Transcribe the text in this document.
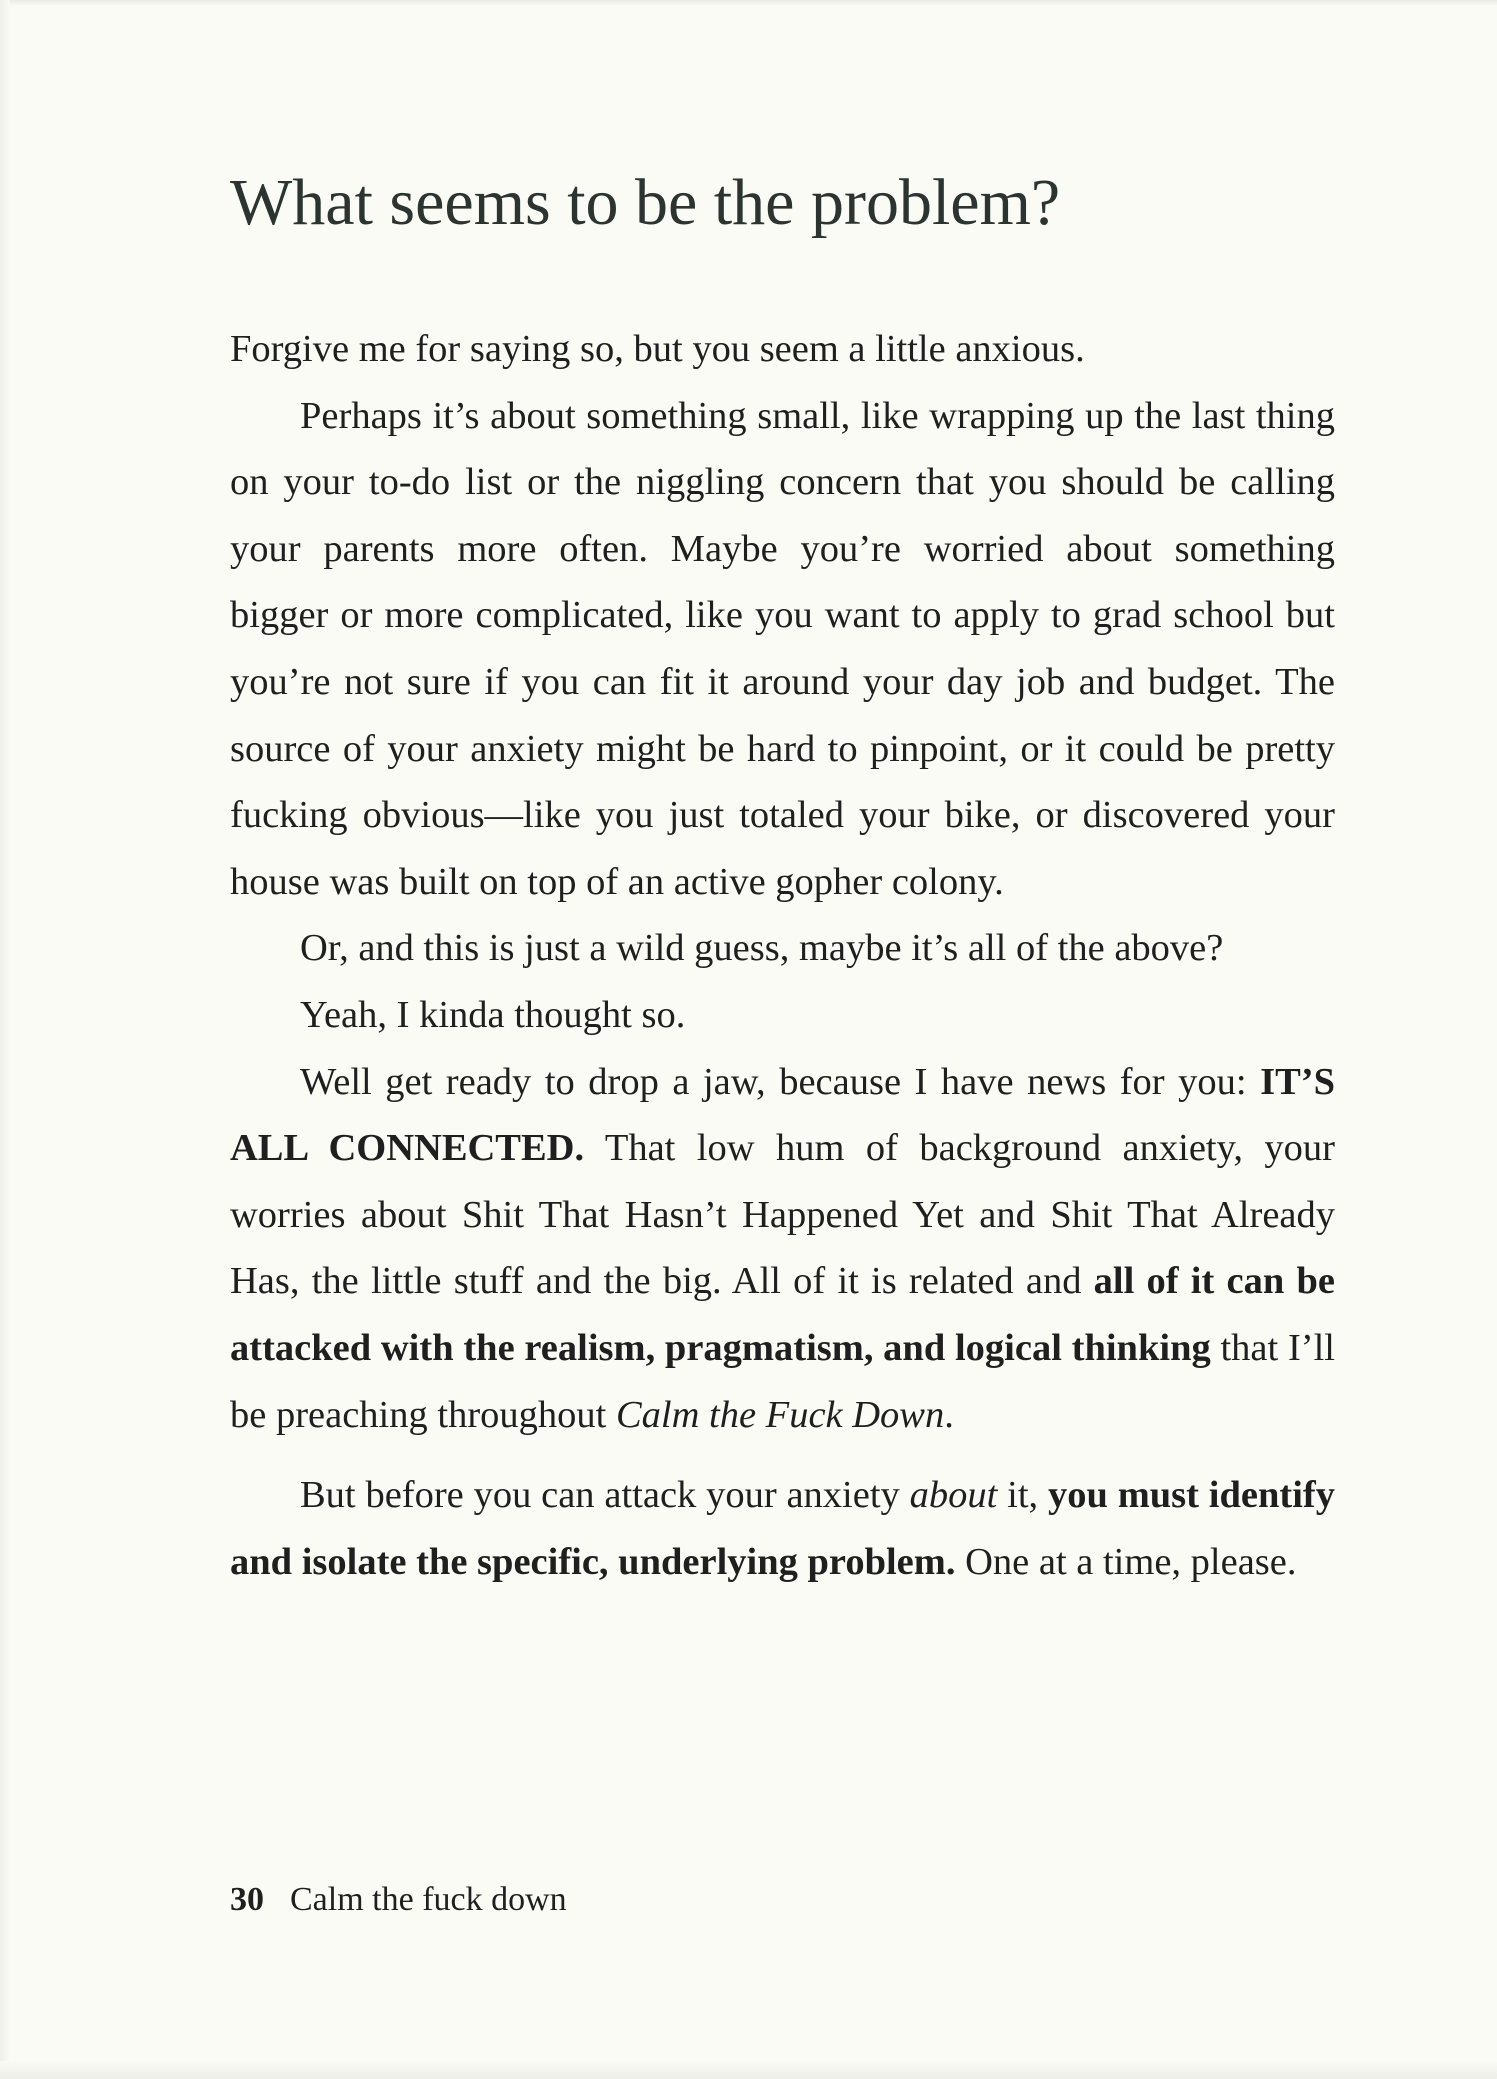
What seems to be the problem?

Forgive me for saying so, but you seem a little anxious.

Perhaps it’s about something small, like wrapping up the last thing on your to-do list or the niggling concern that you should be calling your parents more often. Maybe you’re worried about something bigger or more complicated, like you want to apply to grad school but you’re not sure if you can fit it around your day job and budget. The source of your anxiety might be hard to pinpoint, or it could be pretty fucking obvious—like you just totaled your bike, or discovered your house was built on top of an active gopher colony.

Or, and this is just a wild guess, maybe it’s all of the above?

Yeah, I kinda thought so.

Well get ready to drop a jaw, because I have news for you: IT’S ALL CONNECTED. That low hum of background anxiety, your worries about Shit That Hasn’t Happened Yet and Shit That Already Has, the little stuff and the big. All of it is related and all of it can be attacked with the realism, pragmatism, and logical thinking that I’ll be preaching throughout Calm the Fuck Down.

But before you can attack your anxiety about it, you must identify and isolate the specific, underlying problem. One at a time, please.

30 Calm the fuck down
